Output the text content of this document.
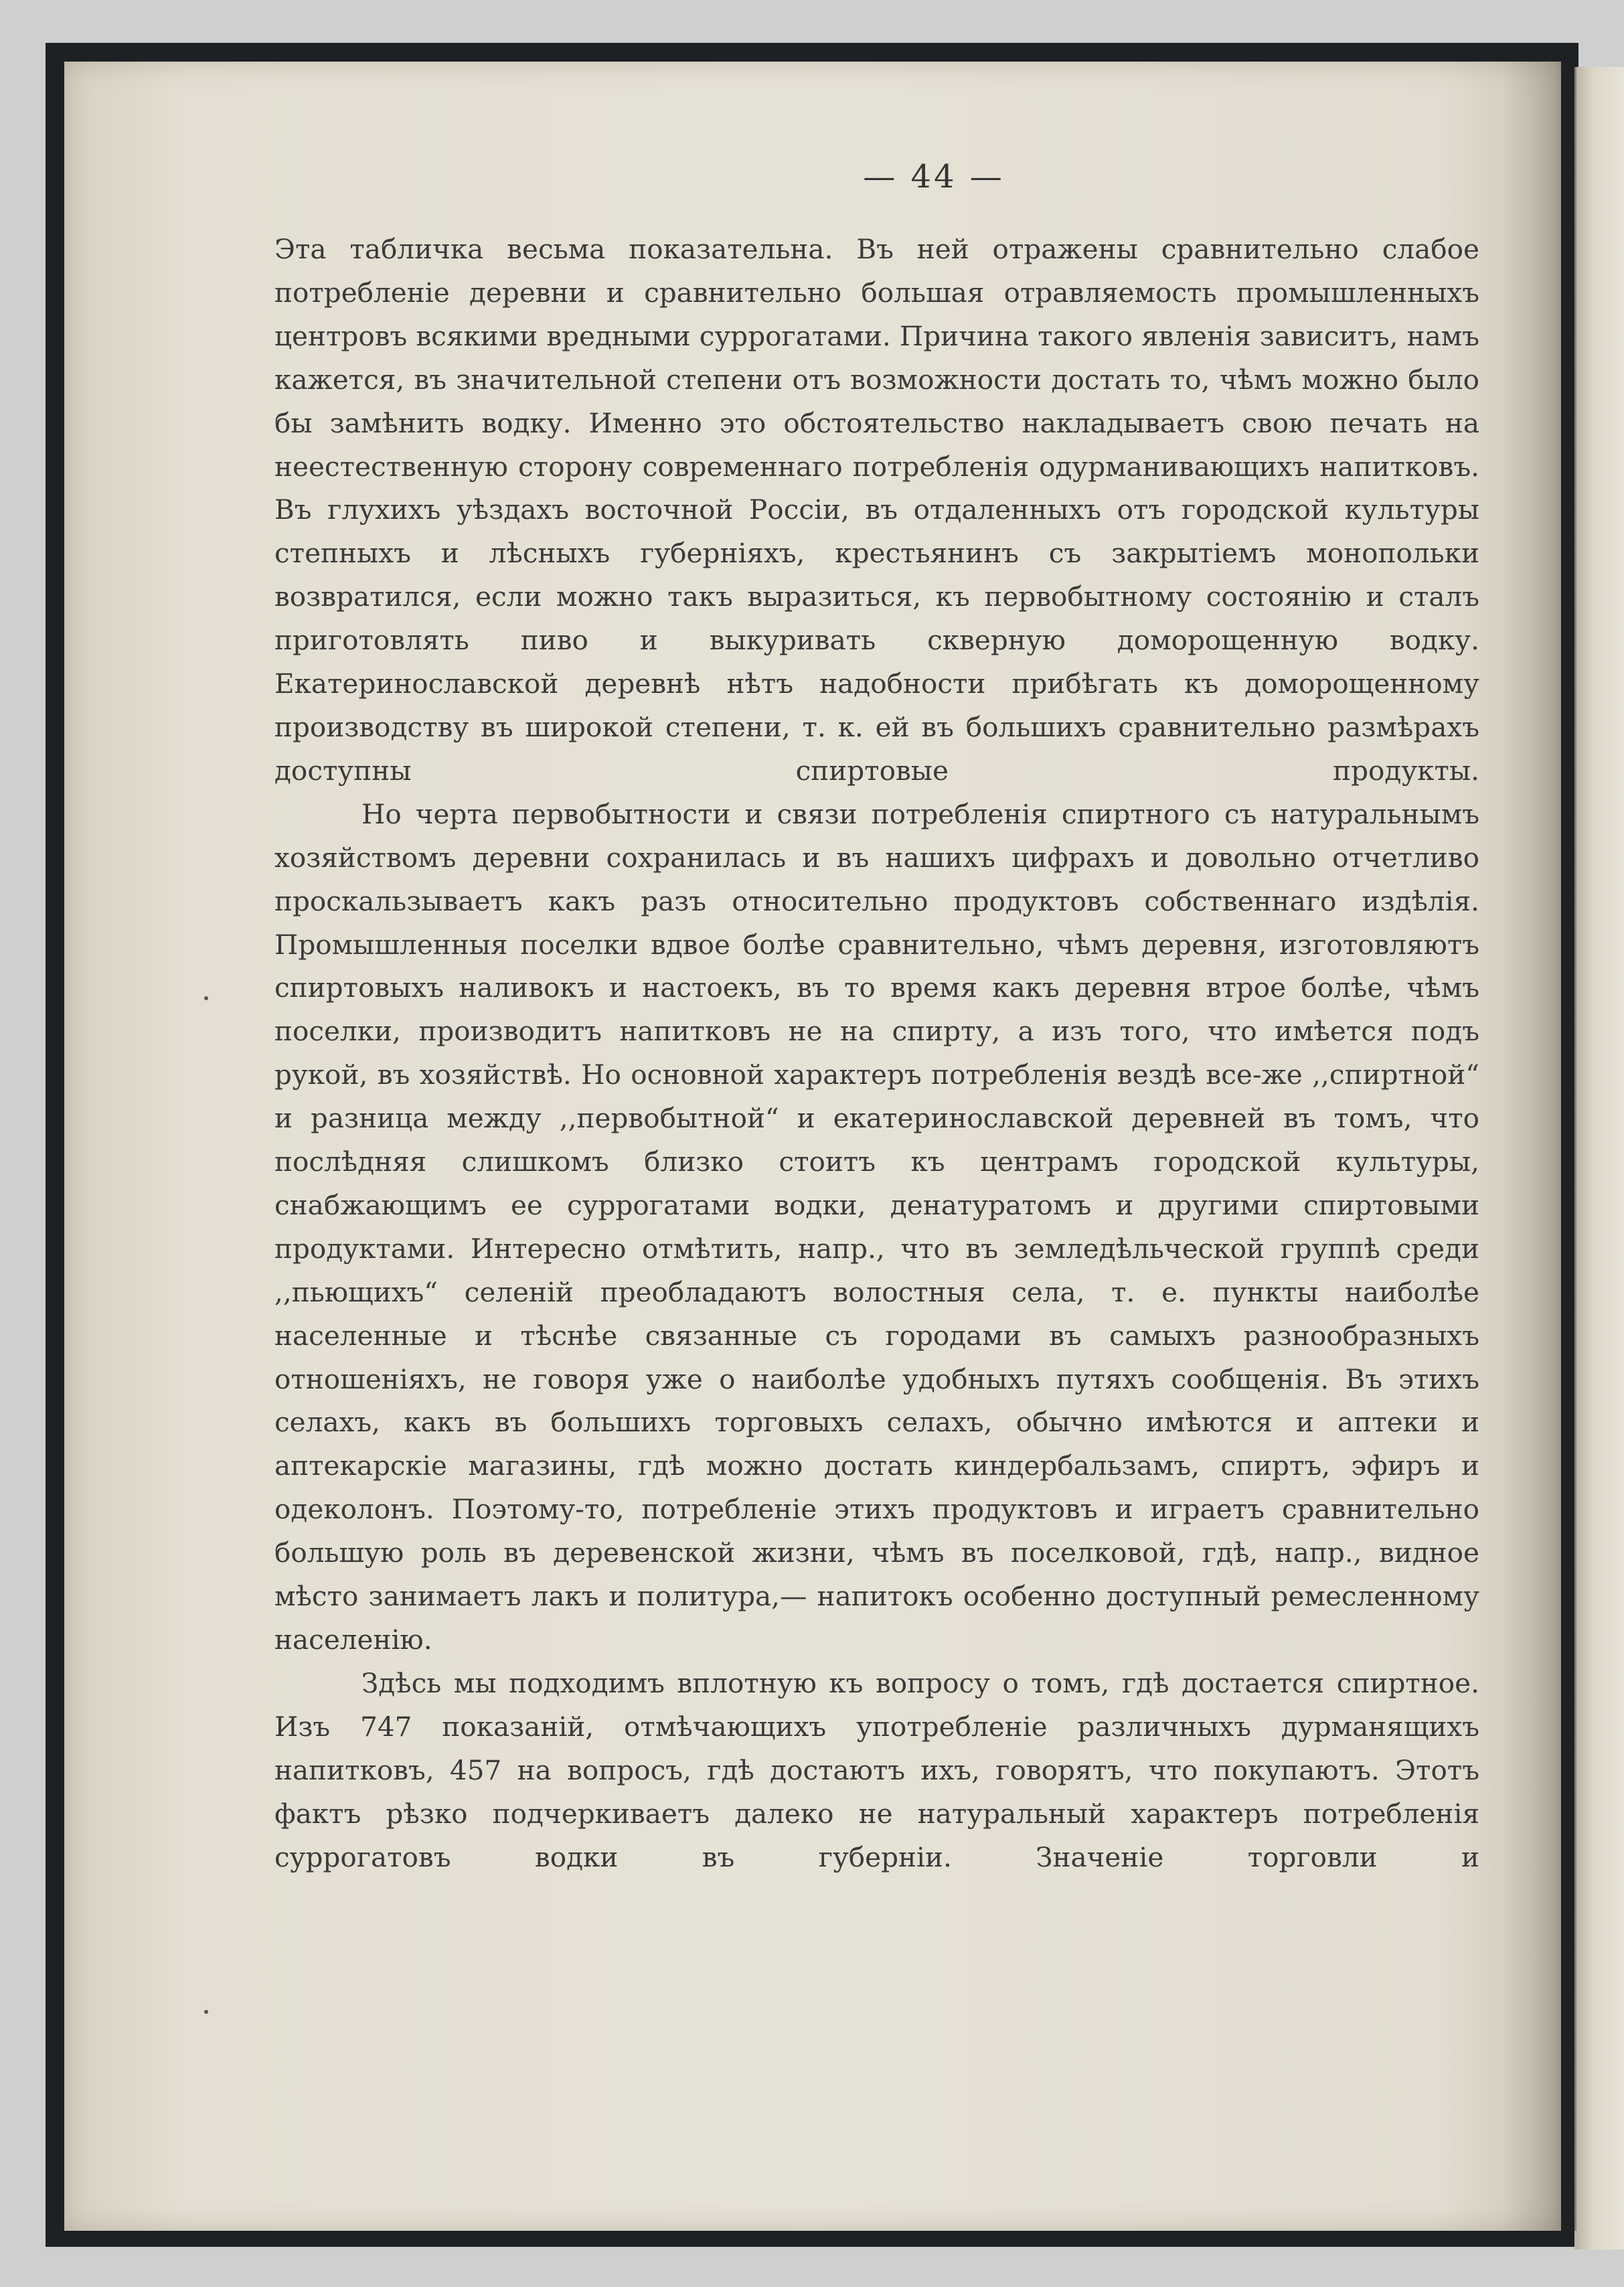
— 44 —

Эта табличка весьма показательна. Въ ней отражены сравнительно слабое потребленіе деревни и сравнительно большая отравляемость промышленныхъ центровъ всякими вредными суррогатами. Причина такого явленія зависитъ, намъ кажется, въ значительной степени отъ возможности достать то, чѣмъ можно было бы замѣнить водку. Именно это обстоятельство накладываетъ свою печать на неестественную сторону современнаго потребленія одурманивающихъ напитковъ. Въ глухихъ уѣздахъ восточной Россіи, въ отдаленныхъ отъ городской культуры степныхъ и лѣсныхъ губерніяхъ, крестьянинъ съ закрытіемъ монопольки возвратился, если можно такъ выразиться, къ первобытному состоянію и сталъ приготовлять пиво и выкуривать скверную доморощенную водку. Екатеринославской деревнѣ нѣтъ надобности прибѣгать къ доморощенному производству въ широкой степени, т. к. ей въ большихъ сравнительно размѣрахъ доступны спиртовые продукты.

Но черта первобытности и связи потребленія спиртного съ натуральнымъ хозяйствомъ деревни сохранилась и въ нашихъ цифрахъ и довольно отчетливо проскальзываетъ какъ разъ относительно продуктовъ собственнаго издѣлія. Промышленныя поселки вдвое болѣе сравнительно, чѣмъ деревня, изготовляютъ спиртовыхъ наливокъ и настоекъ, въ то время какъ деревня втрое болѣе, чѣмъ поселки, производитъ напитковъ не на спирту, а изъ того, что имѣется подъ рукой, въ хозяйствѣ. Но основной характеръ потребленія вездѣ все-же ,,спиртной“ и разница между ,,первобытной“ и екатеринославской деревней въ томъ, что послѣдняя слишкомъ близко стоитъ къ центрамъ городской культуры, снабжающимъ ее суррогатами водки, денатуратомъ и другими спиртовыми продуктами. Интересно отмѣтить, напр., что въ земледѣльческой группѣ среди ,,пьющихъ“ селеній преобладаютъ волостныя села, т. е. пункты наиболѣе населенные и тѣснѣе связанные съ городами въ самыхъ разнообразныхъ отношеніяхъ, не говоря уже о наиболѣе удобныхъ путяхъ сообщенія. Въ этихъ селахъ, какъ въ большихъ торговыхъ селахъ, обычно имѣются и аптеки и аптекарскіе магазины, гдѣ можно достать киндербальзамъ, спиртъ, эфиръ и одеколонъ. Поэтому-то, потребленіе этихъ продуктовъ и играетъ сравнительно большую роль въ деревенской жизни, чѣмъ въ поселковой, гдѣ, напр., видное мѣсто занимаетъ лакъ и политура,— напитокъ особенно доступный ремесленному населенію.

Здѣсь мы подходимъ вплотную къ вопросу о томъ, гдѣ достается спиртное. Изъ 747 показаній, отмѣчающихъ употребленіе различныхъ дурманящихъ напитковъ, 457 на вопросъ, гдѣ достаютъ ихъ, говорятъ, что покупаютъ. Этотъ фактъ рѣзко подчеркиваетъ далеко не натуральный характеръ потребленія суррогатовъ водки въ губерніи. Значеніе торговли и
